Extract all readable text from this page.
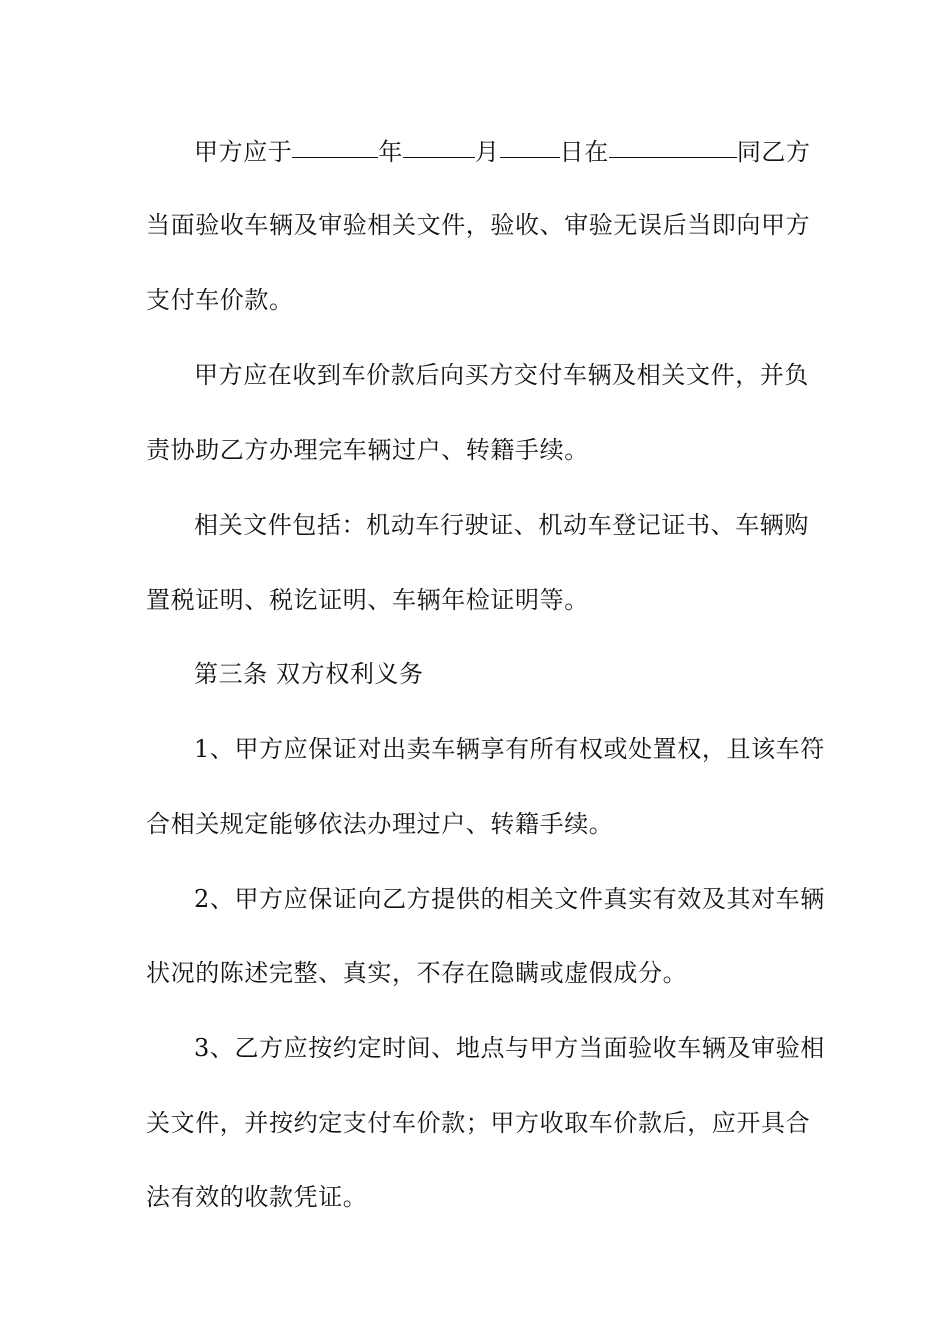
甲方应于	年	月	日在	同乙方
当面验收车辆及审验相关文件，验收、审验无误后当即向甲方
支付车价款。
甲方应在收到车价款后向买方交付车辆及相关文件，并负
责协助乙方办理完车辆过户、转籍手续。
相关文件包括：机动车行驶证、机动车登记证书、车辆购
置税证明、税讫证明、车辆年检证明等。
第三条 双方权利义务
1、甲方应保证对出卖车辆享有所有权或处置权，且该车符
合相关规定能够依法办理过户、转籍手续。
2、甲方应保证向乙方提供的相关文件真实有效及其对车辆
状况的陈述完整、真实，不存在隐瞒或虚假成分。
3、乙方应按约定时间、地点与甲方当面验收车辆及审验相
关文件，并按约定支付车价款；甲方收取车价款后，应开具合
法有效的收款凭证。
